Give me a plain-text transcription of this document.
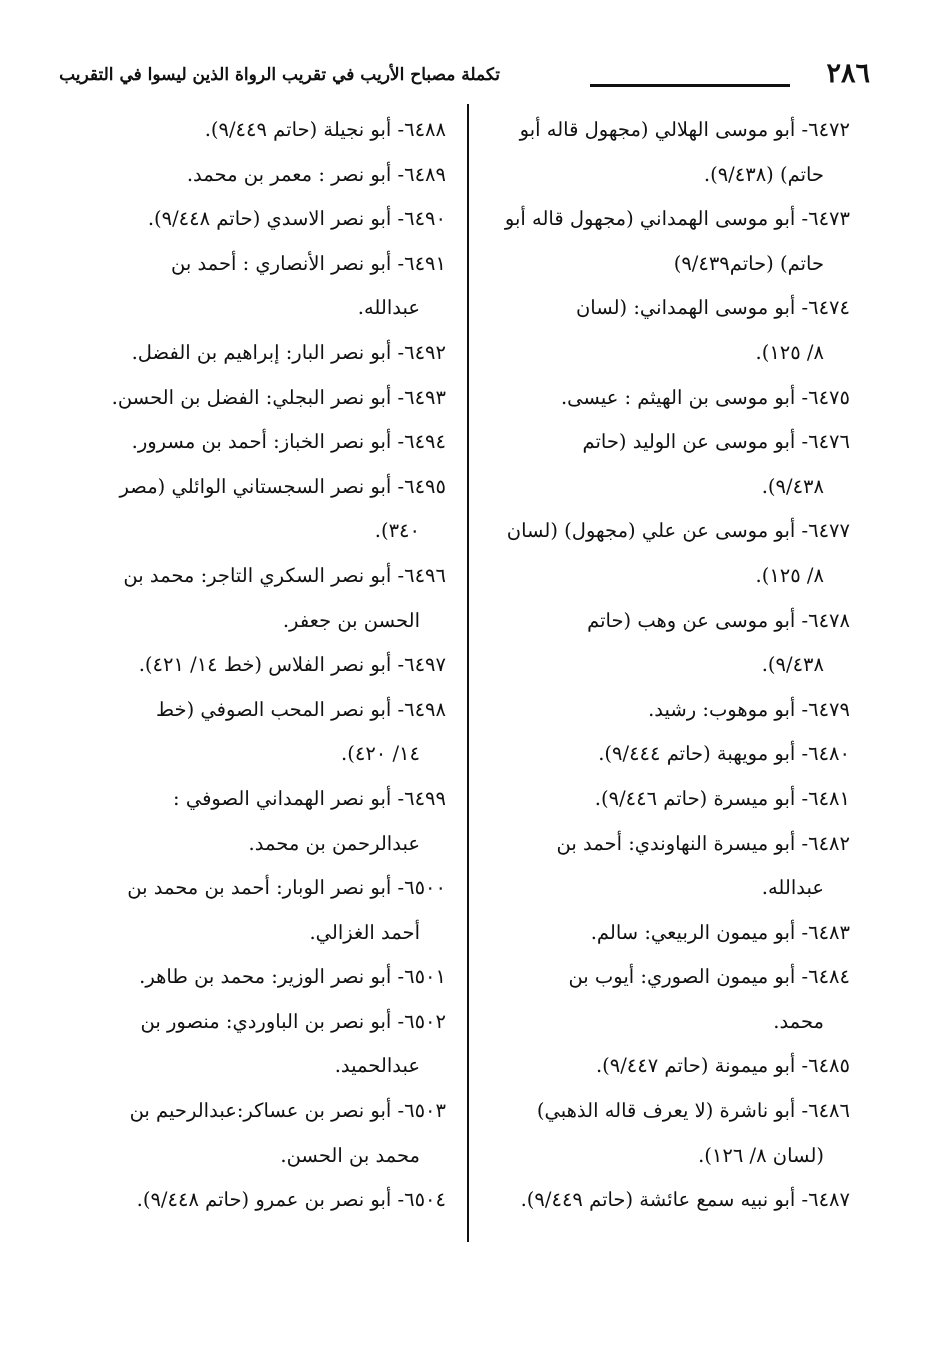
٢٨٦
تكملة مصباح الأريب في تقريب الرواة الذين ليسوا في التقريب
٦٤٧٢- أبو موسى الهلالي (مجهول قاله أبو
حاتم) (٩/٤٣٨).
٦٤٧٣- أبو موسى الهمداني (مجهول قاله أبو
حاتم) (حاتم٩/٤٣٩)
٦٤٧٤- أبو موسى الهمداني: (لسان
٨/ ١٢٥).
٦٤٧٥- أبو موسى بن الهيثم : عيسى.
٦٤٧٦- أبو موسى عن الوليد (حاتم
٩/٤٣٨).
٦٤٧٧- أبو موسى عن علي (مجهول) (لسان
٨/ ١٢٥).
٦٤٧٨- أبو موسى عن وهب (حاتم
٩/٤٣٨).
٦٤٧٩- أبو موهوب: رشيد.
٦٤٨٠- أبو مويهبة (حاتم ٩/٤٤٤).
٦٤٨١- أبو ميسرة (حاتم ٩/٤٤٦).
٦٤٨٢- أبو ميسرة النهاوندي: أحمد بن
عبدالله.
٦٤٨٣- أبو ميمون الربيعي: سالم.
٦٤٨٤- أبو ميمون الصوري: أيوب بن
محمد.
٦٤٨٥- أبو ميمونة (حاتم ٩/٤٤٧).
٦٤٨٦- أبو ناشرة (لا يعرف قاله الذهبي)
(لسان ٨/ ١٢٦).
٦٤٨٧- أبو نبيه سمع عائشة (حاتم ٩/٤٤٩).
٦٤٨٨- أبو نجيلة (حاتم ٩/٤٤٩).
٦٤٨٩- أبو نصر : معمر بن محمد.
٦٤٩٠- أبو نصر الاسدي (حاتم ٩/٤٤٨).
٦٤٩١- أبو نصر الأنصاري : أحمد بن
عبدالله.
٦٤٩٢- أبو نصر البار: إبراهيم بن الفضل.
٦٤٩٣- أبو نصر البجلي: الفضل بن الحسن.
٦٤٩٤- أبو نصر الخباز: أحمد بن مسرور.
٦٤٩٥- أبو نصر السجستاني الوائلي (مصر
٣٤٠).
٦٤٩٦- أبو نصر السكري التاجر: محمد بن
الحسن بن جعفر.
٦٤٩٧- أبو نصر الفلاس (خط ١٤/ ٤٢١).
٦٤٩٨- أبو نصر المحب الصوفي (خط
١٤/ ٤٢٠).
٦٤٩٩- أبو نصر الهمداني الصوفي :
عبدالرحمن بن محمد.
٦٥٠٠- أبو نصر الوبار: أحمد بن محمد بن
أحمد الغزالي.
٦٥٠١- أبو نصر الوزير: محمد بن طاهر.
٦٥٠٢- أبو نصر بن الباوردي: منصور بن
عبدالحميد.
٦٥٠٣- أبو نصر بن عساكر:عبدالرحيم بن
محمد بن الحسن.
٦٥٠٤- أبو نصر بن عمرو (حاتم ٩/٤٤٨).
